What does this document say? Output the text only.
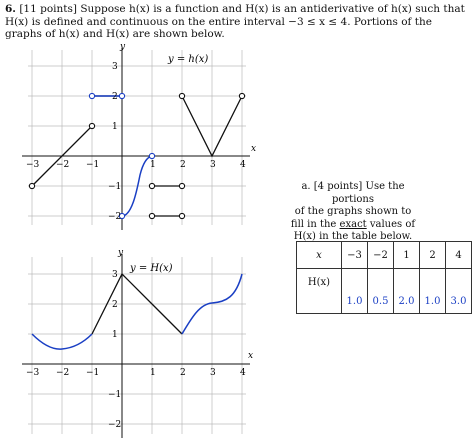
6. [11 points] Suppose h(x) is a function and H(x) is an antiderivative of h(x) such that H(x) is defined and continuous on the entire interval −3 ≤ x ≤ 4. Portions of the graphs of h(x) and H(x) are shown below.
y = h(x)
y
x
−3 −2 −1	1	2	3	4
3
2
1
−1
−2
y = H(x)
y
x
−3 −2 −1	1	2	3	4
3
2
1
−1
−2
a. [4 points] Use the portions
of the graphs shown to
fill in the exact values of
H(x) in the table below.
x	−3	−2	1	2	4
H(x)	1.0	0.5	2.0	1.0	3.0
